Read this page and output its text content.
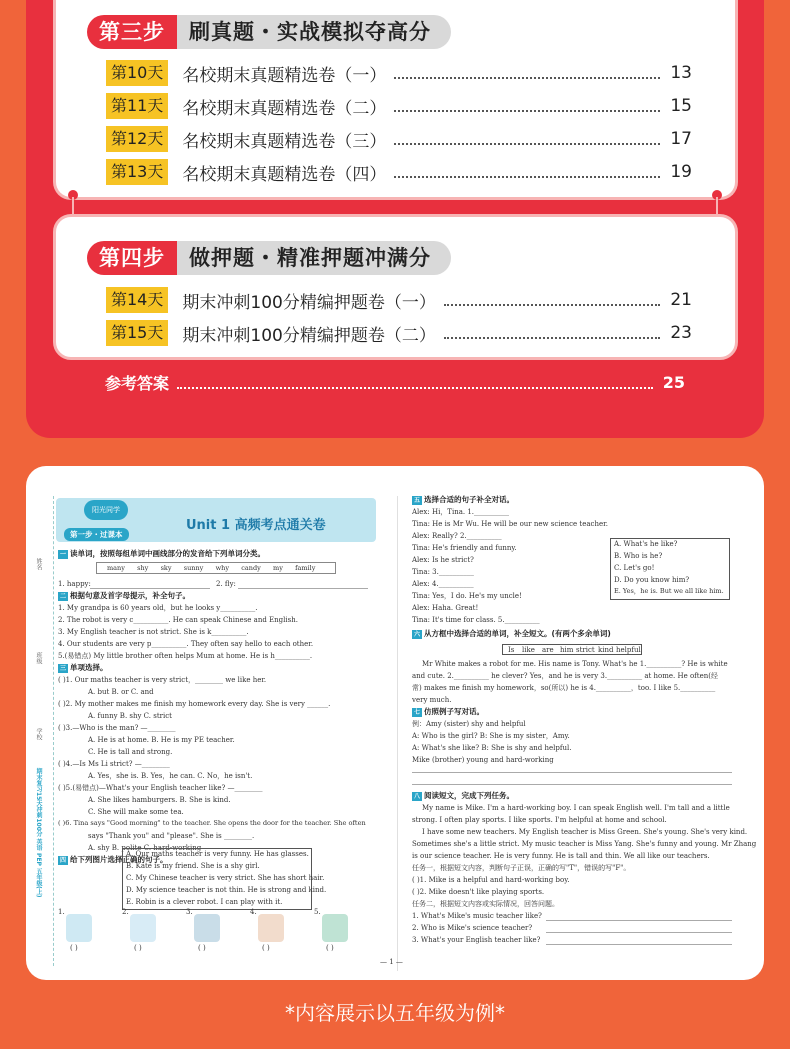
第三步	刷真题・实战模拟夺高分
第10天 名校期末真题精选卷（一）	13
第11天 名校期末真题精选卷（二）	15
第12天 名校期末真题精选卷（三）	17
第13天 名校期末真题精选卷（四）	19
第四步	做押题・精准押题冲满分
第14天 期末冲刺100分精编押题卷（一）	21
第15天 期末冲刺100分精编押题卷（二）	23
参考答案	25
姓名
班级
学校
期末复习15天冲刺100分 英语 PEP 五年级(上)
阳光同学
Unit 1 高频考点通关卷
第一步・过课本
一 读单词，按照每组单词中画线部分的发音给下列单词分类。
many shy sky sunny why candy my family
1. happy:	2. fly:
二 根据句意及首字母提示，补全句子。
1. My grandpa is 60 years old，but he looks y__________.
2. The robot is very c__________. He can speak Chinese and English.
3. My English teacher is not strict. She is k__________.
4. Our students are very p__________. They often say hello to each other.
5.(易错点) My little brother often helps Mum at home. He is h__________.
三 单项选择。
( )1. Our maths teacher is very strict，________ we like her.
A. but B. or C. and
( )2. My mother makes me finish my homework every day. She is very ______.
A. funny B. shy C. strict
( )3.—Who is the man? —________
A. He is at home. B. He is my PE teacher.
C. He is tall and strong.
( )4.—Is Ms Li strict? —________
A. Yes，she is. B. Yes，he can. C. No，he isn't.
( )5.(易错点)—What's your English teacher like? —________
A. She likes hamburgers. B. She is kind.
C. She will make some tea.
( )6. Tina says "Good morning" to the teacher. She opens the door for the teacher. She often
says "Thank you" and "please". She is ________.
A. shy B. polite C. hard-working
四 给下列图片选择正确的句子。
A. Our maths teacher is very funny. He has glasses.
B. Kate is my friend. She is a shy girl.
C. My Chinese teacher is very strict. She has short hair.
D. My science teacher is not thin. He is strong and kind.
E. Robin is a clever robot. I can play with it.
1.
( )
2.
( )
3.
( )
4.
( )
5.
( )
五 选择合适的句子补全对话。
Alex: Hi，Tina. 1.__________
Tina: He is Mr Wu. He will be our new science teacher.
Alex: Really? 2.__________
Tina: He's friendly and funny.
Alex: Is he strict?
Tina: 3.__________
Alex: 4.__________
Tina: Yes，I do. He's my uncle!
Alex: Haha. Great!
Tina: It's time for class. 5.__________
A. What's he like?
B. Who is he?
C. Let's go!
D. Do you know him?
E. Yes，he is. But we all like him.
六 从方框中选择合适的单词，补全短文。(有两个多余单词)
Is like are him strict kind helpful
Mr White makes a robot for me. His name is Tony. What's he 1.__________? He is white
and cute. 2.__________ he clever? Yes，and he is very 3.__________ at home. He often(经
常) makes me finish my homework，so(所以) he is 4.__________，too. I like 5.__________
very much.
七 仿照例子写对话。
例：Amy (sister) shy and helpful
A: Who is the girl? B: She is my sister，Amy.
A: What's she like? B: She is shy and helpful.
Mike (brother) young and hard-working
八 阅读短文，完成下列任务。
My name is Mike. I'm a hard-working boy. I can speak English well. I'm tall and a little
strong. I often play sports. I like sports. I'm helpful at home and school.
I have some new teachers. My English teacher is Miss Green. She's young. She's very kind.
Sometimes she's a little strict. My music teacher is Miss Yang. She's funny and young. Mr Zhang
is our science teacher. He is very funny. He is tall and thin. We all like our teachers.
任务一，根据短文内容，判断句子正误，正确的写"T"，错误的写"F"。
( )1. Mike is a helpful and hard-working boy.
( )2. Mike doesn't like playing sports.
任务二，根据短文内容或实际情况，回答问题。
1. What's Mike's music teacher like?
2. Who is Mike's science teacher?
3. What's your English teacher like?
— 1 —
*内容展示以五年级为例*
